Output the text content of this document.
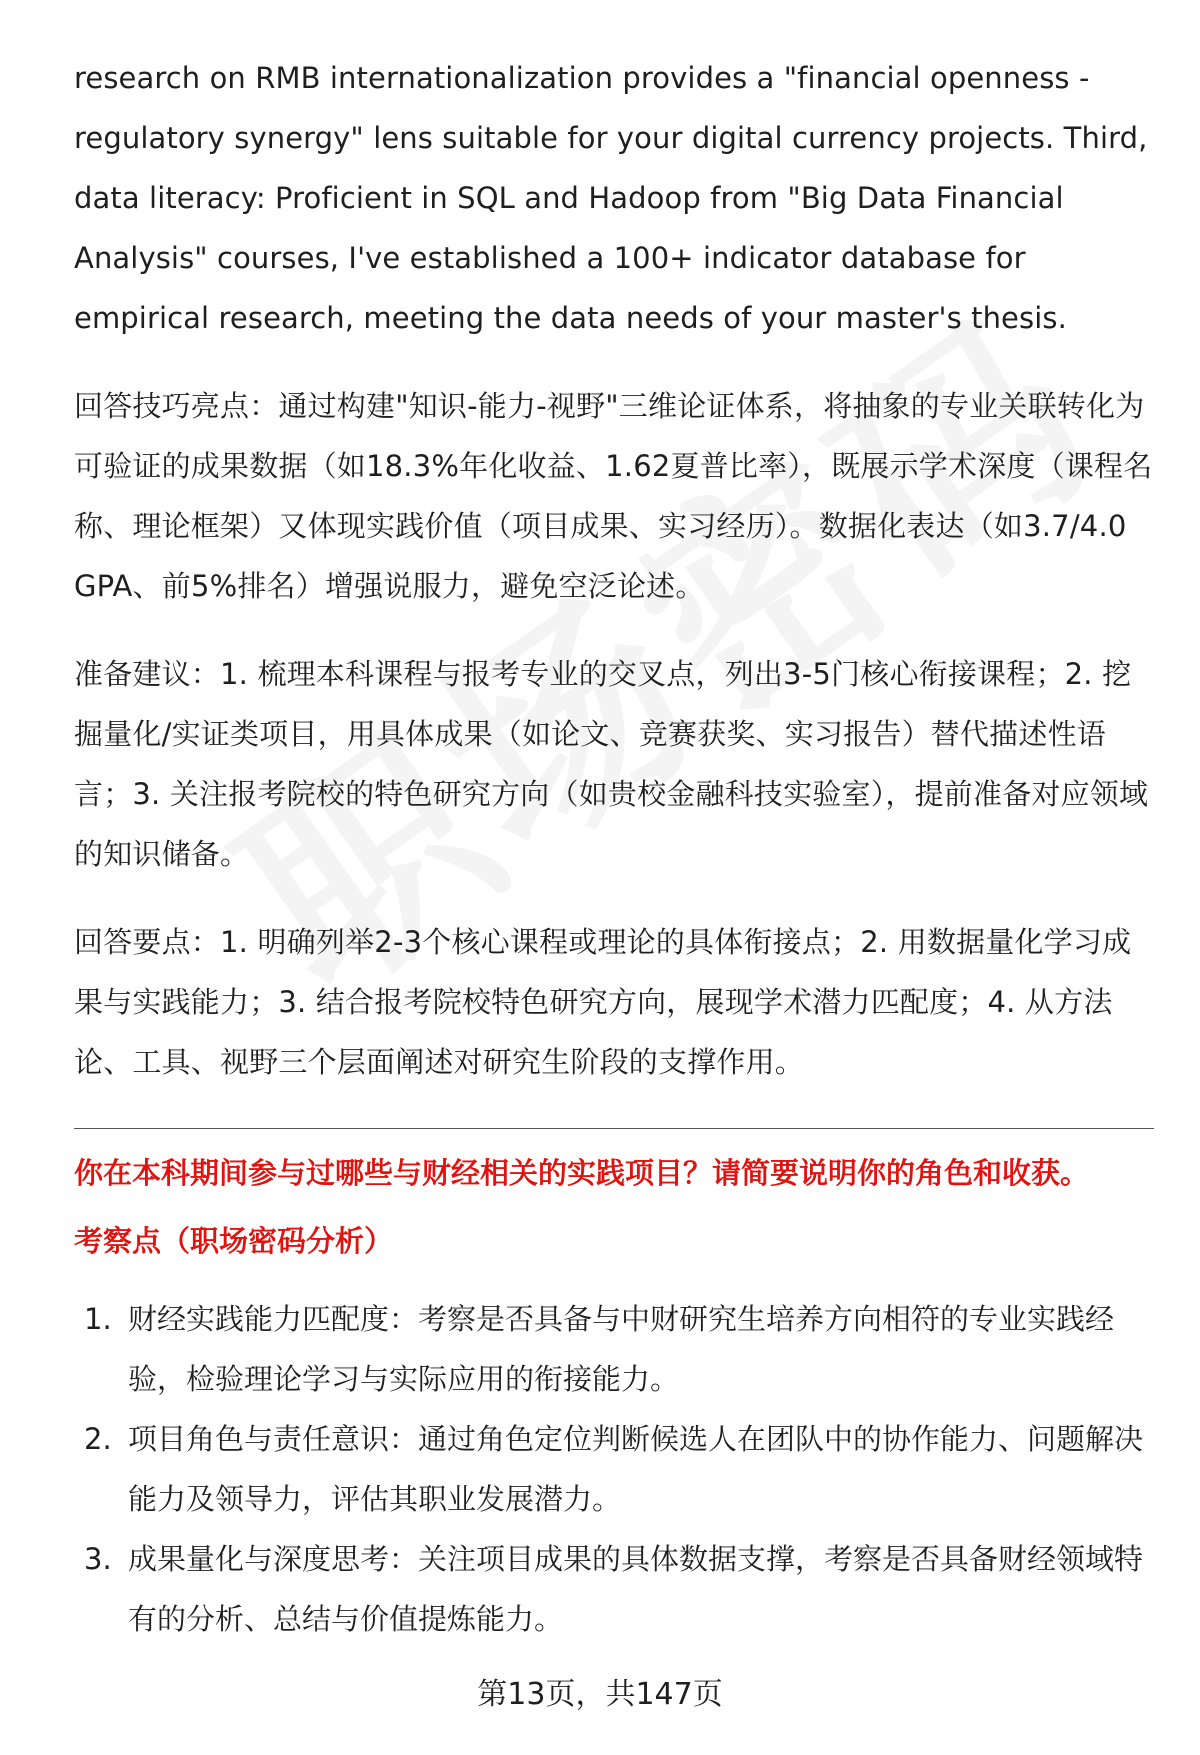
research on RMB internationalization provides a "financial openness - regulatory synergy" lens suitable for your digital currency projects. Third, data literacy: Proficient in SQL and Hadoop from "Big Data Financial Analysis" courses, I've established a 100+ indicator database for empirical research, meeting the data needs of your master's thesis.

回答技巧亮点：通过构建"知识-能力-视野"三维论证体系，将抽象的专业关联转化为可验证的成果数据（如18.3%年化收益、1.62夏普比率），既展示学术深度（课程名称、理论框架）又体现实践价值（项目成果、实习经历）。数据化表达（如3.7/4.0 GPA、前5%排名）增强说服力，避免空泛论述。

准备建议：1. 梳理本科课程与报考专业的交叉点，列出3-5门核心衔接课程；2. 挖掘量化/实证类项目，用具体成果（如论文、竞赛获奖、实习报告）替代描述性语言；3. 关注报考院校的特色研究方向（如贵校金融科技实验室），提前准备对应领域的知识储备。

回答要点：1. 明确列举2-3个核心课程或理论的具体衔接点；2. 用数据量化学习成果与实践能力；3. 结合报考院校特色研究方向，展现学术潜力匹配度；4. 从方法论、工具、视野三个层面阐述对研究生阶段的支撑作用。

你在本科期间参与过哪些与财经相关的实践项目？请简要说明你的角色和收获。
考察点（职场密码分析）
1. 财经实践能力匹配度：考察是否具备与中财研究生培养方向相符的专业实践经验，检验理论学习与实际应用的衔接能力。
2. 项目角色与责任意识：通过角色定位判断候选人在团队中的协作能力、问题解决能力及领导力，评估其职业发展潜力。
3. 成果量化与深度思考：关注项目成果的具体数据支撑，考察是否具备财经领域特有的分析、总结与价值提炼能力。
第13页，共147页
